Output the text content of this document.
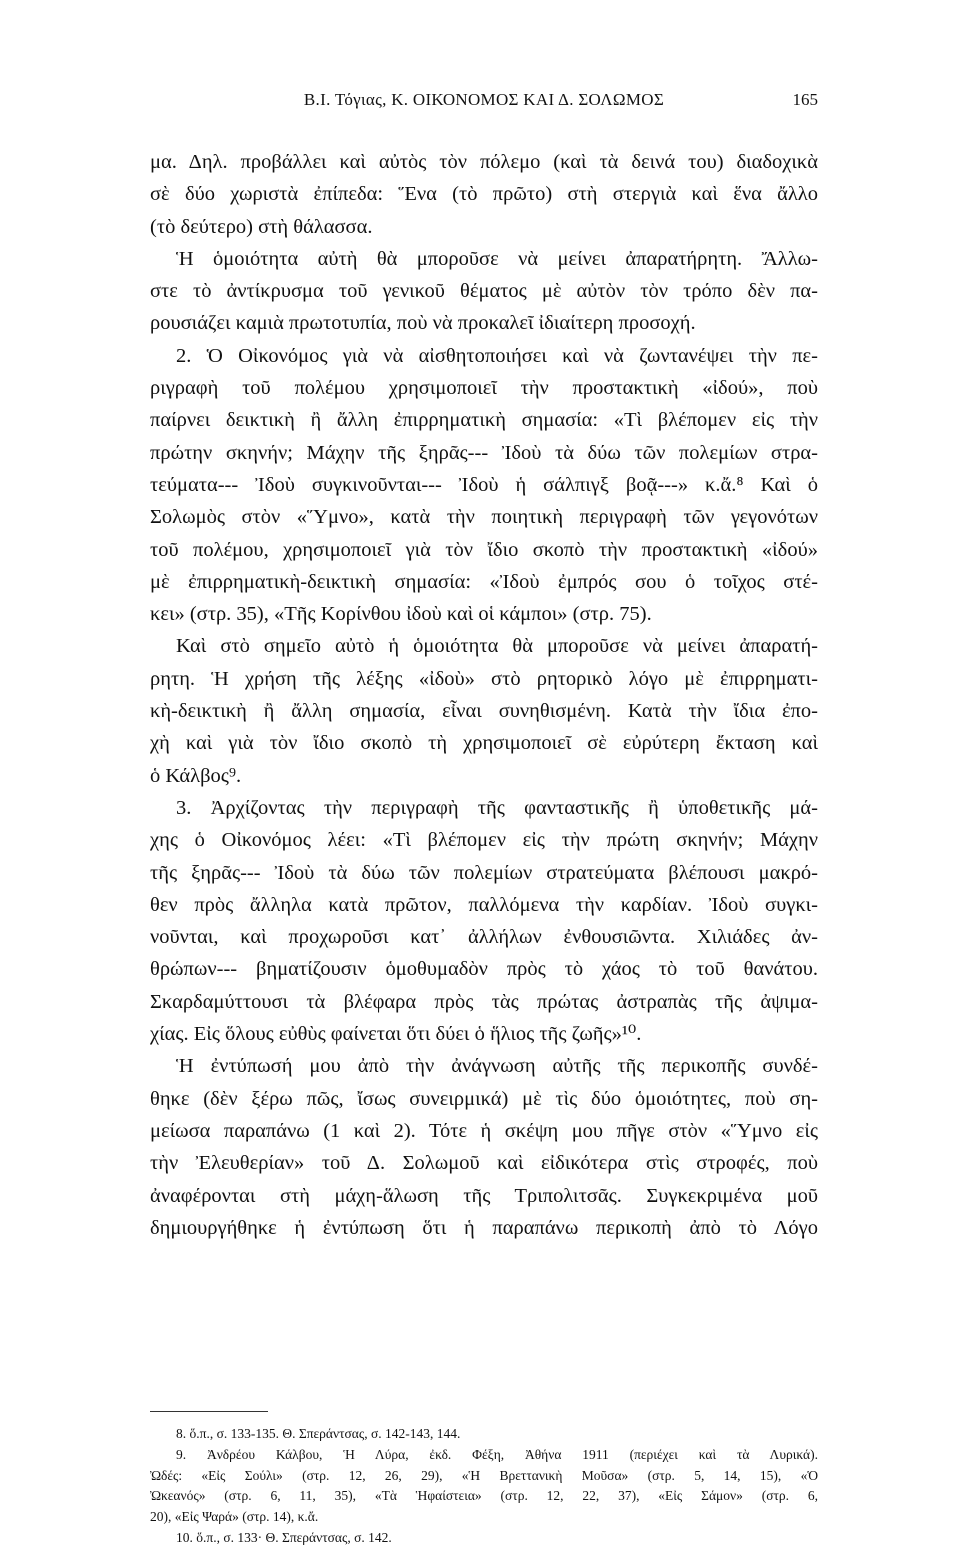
Β.Ι. Τόγιας, Κ. ΟΙΚΟΝΟΜΟΣ ΚΑΙ Δ. ΣΟΛΩΜΟΣ	165
μα. Δηλ. προβάλλει καὶ αὐτὸς τὸν πόλεμο (καὶ τὰ δεινά του) διαδοχικὰ
σὲ δύο χωριστὰ ἐπίπεδα: Ἕνα (τὸ πρῶτο) στὴ στεργιὰ καὶ ἕνα ἄλλο
(τὸ δεύτερο) στὴ θάλασσα.
Ἡ ὁμοιότητα αὐτὴ θὰ μποροῦσε νὰ μείνει ἀπαρατήρητη. Ἄλλω-
στε τὸ ἀντίκρυσμα τοῦ γενικοῦ θέματος μὲ αὐτὸν τὸν τρόπο δὲν πα-
ρουσιάζει καμιὰ πρωτοτυπία, ποὺ νὰ προκαλεῖ ἰδιαίτερη προσοχή.
2. Ὁ Οἰκονόμος γιὰ νὰ αἰσθητοποιήσει καὶ νὰ ζωντανέψει τὴν πε-
ριγραφὴ τοῦ πολέμου χρησιμοποιεῖ τὴν προστακτικὴ «ἰδού», ποὺ
παίρνει δεικτικὴ ἢ ἄλλη ἐπιρρηματικὴ σημασία: «Τὶ βλέπομεν εἰς τὴν
πρώτην σκηνήν; Μάχην τῆς ξηρᾶς--- Ἰδοὺ τὰ δύω τῶν πολεμίων στρα-
τεύματα--- Ἰδοὺ συγκινοῦνται--- Ἰδοὺ ἡ σάλπιγξ βοᾷ---» κ.ἄ.⁸ Καὶ ὁ
Σολωμὸς στὸν «Ὕμνο», κατὰ τὴν ποιητικὴ περιγραφὴ τῶν γεγονότων
τοῦ πολέμου, χρησιμοποιεῖ γιὰ τὸν ἴδιο σκοπὸ τὴν προστακτικὴ «ἰδού»
μὲ ἐπιρρηματικὴ-δεικτικὴ σημασία: «Ἰδοὺ ἐμπρός σου ὁ τοῖχος στέ-
κει» (στρ. 35), «Τῆς Κορίνθου ἰδοὺ καὶ οἱ κάμποι» (στρ. 75).
Καὶ στὸ σημεῖο αὐτὸ ἡ ὁμοιότητα θὰ μποροῦσε νὰ μείνει ἀπαρατή-
ρητη. Ἡ χρήση τῆς λέξης «ἰδοὺ» στὸ ρητορικὸ λόγο μὲ ἐπιρρηματι-
κὴ-δεικτικὴ ἢ ἄλλη σημασία, εἶναι συνηθισμένη. Κατὰ τὴν ἴδια ἐπο-
χὴ καὶ γιὰ τὸν ἴδιο σκοπὸ τὴ χρησιμοποιεῖ σὲ εὐρύτερη ἔκταση καὶ
ὁ Κάλβος⁹.
3. Ἀρχίζοντας τὴν περιγραφὴ τῆς φανταστικῆς ἢ ὑποθετικῆς μά-
χης ὁ Οἰκονόμος λέει: «Τὶ βλέπομεν εἰς τὴν πρώτη σκηνήν; Μάχην
τῆς ξηρᾶς--- Ἰδοὺ τὰ δύω τῶν πολεμίων στρατεύματα βλέπουσι μακρό-
θεν πρὸς ἄλληλα κατὰ πρῶτον, παλλόμενα τὴν καρδίαν. Ἰδοὺ συγκι-
νοῦνται, καὶ προχωροῦσι κατ᾽ ἀλλήλων ἐνθουσιῶντα. Χιλιάδες ἀν-
θρώπων--- βηματίζουσιν ὁμοθυμαδὸν πρὸς τὸ χάος τὸ τοῦ θανάτου.
Σκαρδαμύττουσι τὰ βλέφαρα πρὸς τὰς πρώτας ἀστραπὰς τῆς ἀψιμα-
χίας. Εἰς ὅλους εὐθὺς φαίνεται ὅτι δύει ὁ ἥλιος τῆς ζωῆς»¹⁰.
Ἡ ἐντύπωσή μου ἀπὸ τὴν ἀνάγνωση αὐτῆς τῆς περικοπῆς συνδέ-
θηκε (δὲν ξέρω πῶς, ἴσως συνειρμικά) μὲ τὶς δύο ὁμοιότητες, ποὺ ση-
μείωσα παραπάνω (1 καὶ 2). Τότε ἡ σκέψη μου πῆγε στὸν «Ὕμνο εἰς
τὴν Ἐλευθερίαν» τοῦ Δ. Σολωμοῦ καὶ εἰδικότερα στὶς στροφές, ποὺ
ἀναφέρονται στὴ μάχη-ἅλωση τῆς Τριπολιτσᾶς. Συγκεκριμένα μοῦ
δημιουργήθηκε ἡ ἐντύπωση ὅτι ἡ παραπάνω περικοπὴ ἀπὸ τὸ Λόγο
8. ὅ.π., σ. 133-135. Θ. Σπεράντσας, σ. 142-143, 144.
9. Ἀνδρέου Κάλβου, Ἡ Λύρα, ἐκδ. Φέξη, Ἀθήνα 1911 (περιέχει καὶ τὰ Λυρικά).
Ὠδές: «Εἰς Σούλι» (στρ. 12, 26, 29), «Ἡ Βρεττανικὴ Μοῦσα» (στρ. 5, 14, 15), «Ὁ
Ὠκεανός» (στρ. 6, 11, 35), «Τὰ Ἡφαίστεια» (στρ. 12, 22, 37), «Εἰς Σάμον» (στρ. 6,
20), «Εἰς Ψαρά» (στρ. 14), κ.ἄ.
10. ὅ.π., σ. 133· Θ. Σπεράντσας, σ. 142.
